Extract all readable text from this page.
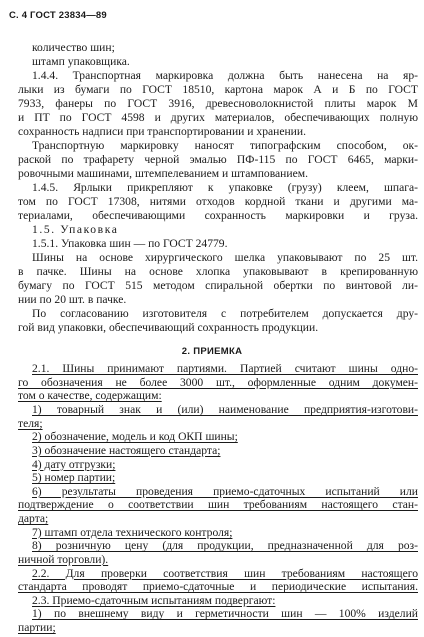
С. 4 ГОСТ 23834—89
количество шин;
штамп упаковщика.
1.4.4. Транспортная маркировка должна быть нанесена на яр-
лыки из бумаги по ГОСТ 18510, картона марок А и Б по ГОСТ
7933, фанеры по ГОСТ 3916, древесноволокнистой плиты марок М
и ПТ по ГОСТ 4598 и других материалов, обеспечивающих полную
сохранность надписи при транспортировании и хранении.
Транспортную маркировку наносят типографским способом, ок-
раской по трафарету черной эмалью ПФ-115 по ГОСТ 6465, марки-
ровочными машинами, штемпелеванием и штампованием.
1.4.5. Ярлыки прикрепляют к упаковке (грузу) клеем, шпага-
том по ГОСТ 17308, нитями отходов кордной ткани и другими ма-
териалами, обеспечивающими сохранность маркировки и груза.
1.5. Упаковка
1.5.1. Упаковка шин — по ГОСТ 24779.
Шины на основе хирургического шелка упаковывают по 25 шт.
в пачке. Шины на основе хлопка упаковывают в крепированную
бумагу по ГОСТ 515 методом спиральной обертки по винтовой ли-
нии по 20 шт. в пачке.
По согласованию изготовителя с потребителем допускается дру-
гой вид упаковки, обеспечивающий сохранность продукции.
2. ПРИЕМКА
2.1. Шины принимают партиями. Партией считают шины одно-
го обозначения не более 3000 шт., оформленные одним докумен-
том о качестве, содержащим:
1) товарный знак и (или) наименование предприятия-изготови-
теля;
2) обозначение, модель и код ОКП шины;
3) обозначение настоящего стандарта;
4) дату отгрузки;
5) номер партии;
6) результаты проведения приемо-сдаточных испытаний или
подтверждение о соответствии шин требованиям настоящего стан-
дарта;
7) штамп отдела технического контроля;
8) розничную цену (для продукции, предназначенной для роз-
ничной торговли).
2.2. Для проверки соответствия шин требованиям настоящего
стандарта проводят приемо-сдаточные и периодические испытания.
2.3. Приемо-сдаточным испытаниям подвергают:
1) по внешнему виду и герметичности шин — 100% изделий
партии;
